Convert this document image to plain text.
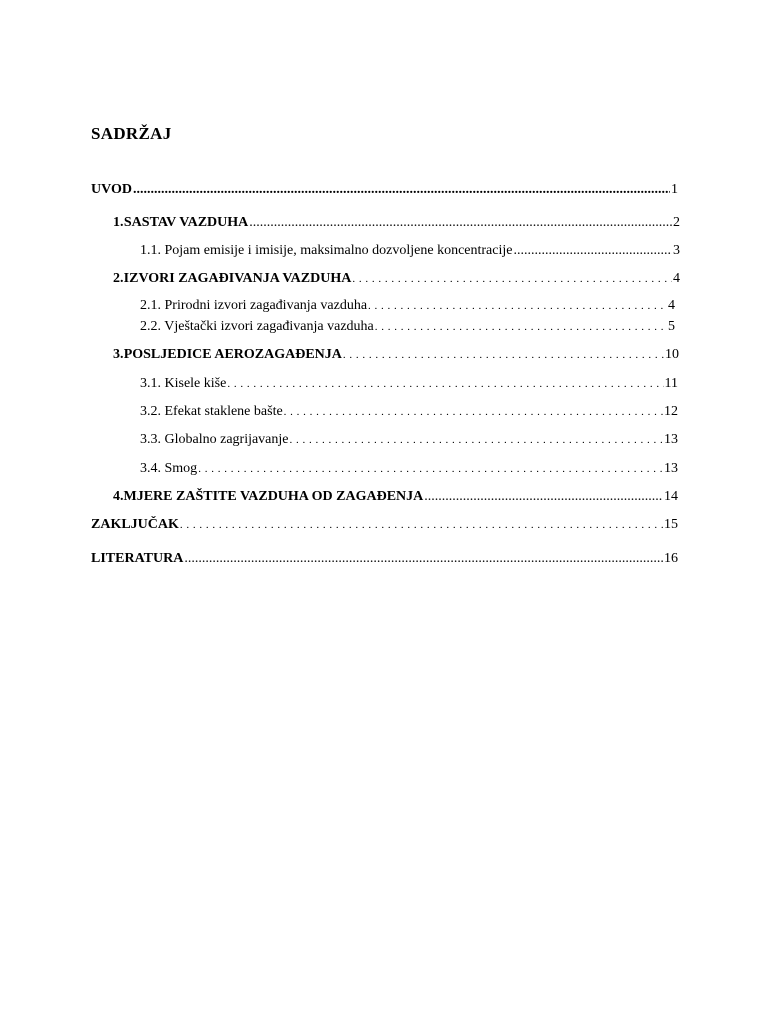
SADRŽAJ
UVOD .....	1
1. SASTAV VAZDUHA .....	2
1.1. Pojam emisije i imisije, maksimalno dozvoljene koncentracije .....	3
2. IZVORI ZAGAĐIVANJA VAZDUHA . . .	4
2.1. Prirodni izvori zagađivanja vazduha . . .	4
2.2. Vještački izvori zagađivanja vazduha . . .	5
3. POSLJEDICE AEROZAGAĐENJA . . .	10
3.1. Kisele kiše . . .	11
3.2. Efekat staklene bašte . . .	12
3.3. Globalno zagrijavanje . . .	13
3.4. Smog . . .	13
4. MJERE ZAŠTITE VAZDUHA OD ZAGAĐENJA .....	14
ZAKLJUČAK . . .	15
LITERATURA .....	16
